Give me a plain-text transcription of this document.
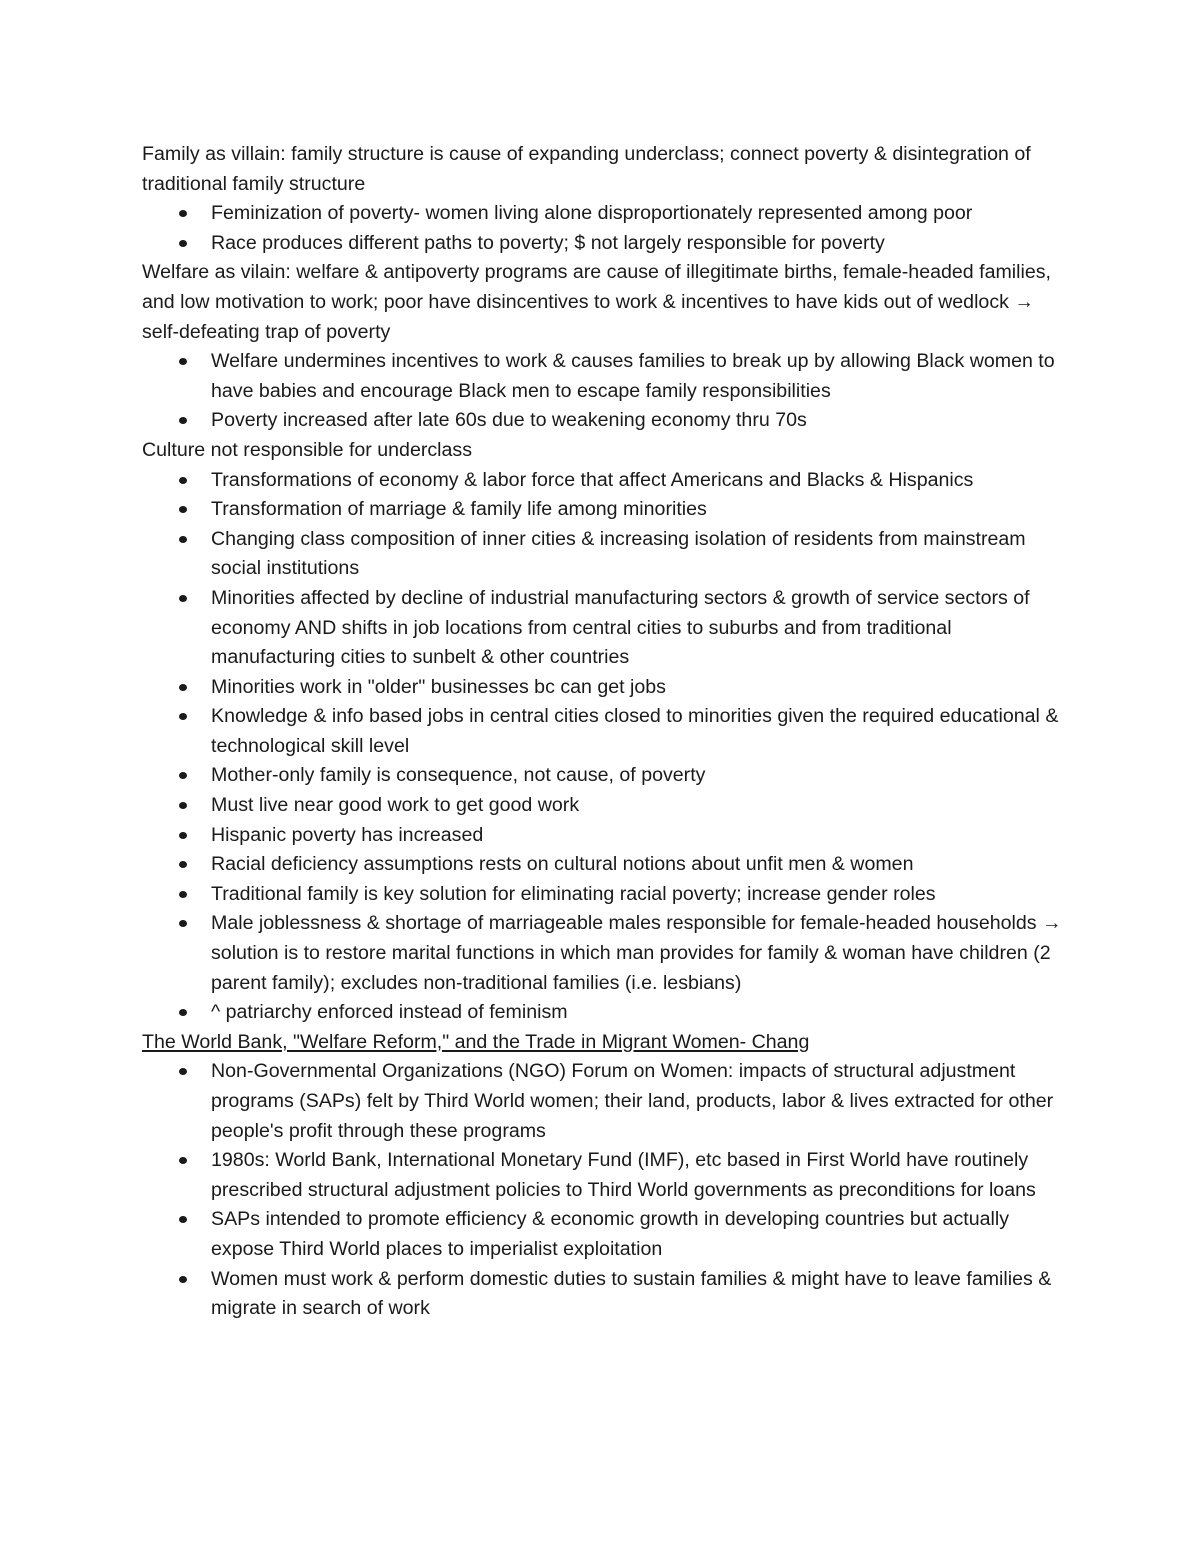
Family as villain: family structure is cause of expanding underclass; connect poverty & disintegration of traditional family structure

Feminization of poverty- women living alone disproportionately represented among poor
Race produces different paths to poverty; $ not largely responsible for poverty

Welfare as vilain: welfare & antipoverty programs are cause of illegitimate births, female-headed families, and low motivation to work; poor have disincentives to work & incentives to have kids out of wedlock → self-defeating trap of poverty

Welfare undermines incentives to work & causes families to break up by allowing Black women to have babies and encourage Black men to escape family responsibilities
Poverty increased after late 60s due to weakening economy thru 70s

Culture not responsible for underclass

Transformations of economy & labor force that affect Americans and Blacks & Hispanics
Transformation of marriage & family life among minorities
Changing class composition of inner cities & increasing isolation of residents from mainstream social institutions
Minorities affected by decline of industrial manufacturing sectors & growth of service sectors of economy AND shifts in job locations from central cities to suburbs and from traditional manufacturing cities to sunbelt & other countries
Minorities work in "older" businesses bc can get jobs
Knowledge & info based jobs in central cities closed to minorities given the required educational & technological skill level
Mother-only family is consequence, not cause, of poverty
Must live near good work to get good work
Hispanic poverty has increased
Racial deficiency assumptions rests on cultural notions about unfit men & women
Traditional family is key solution for eliminating racial poverty; increase gender roles
Male joblessness & shortage of marriageable males responsible for female-headed households → solution is to restore marital functions in which man provides for family & woman have children (2 parent family); excludes non-traditional families (i.e. lesbians)
^ patriarchy enforced instead of feminism

The World Bank, "Welfare Reform," and the Trade in Migrant Women- Chang

Non-Governmental Organizations (NGO) Forum on Women: impacts of structural adjustment programs (SAPs) felt by Third World women; their land, products, labor & lives extracted for other people's profit through these programs
1980s: World Bank, International Monetary Fund (IMF), etc based in First World have routinely prescribed structural adjustment policies to Third World governments as preconditions for loans
SAPs intended to promote efficiency & economic growth in developing countries but actually expose Third World places to imperialist exploitation
Women must work & perform domestic duties to sustain families & might have to leave families & migrate in search of work
